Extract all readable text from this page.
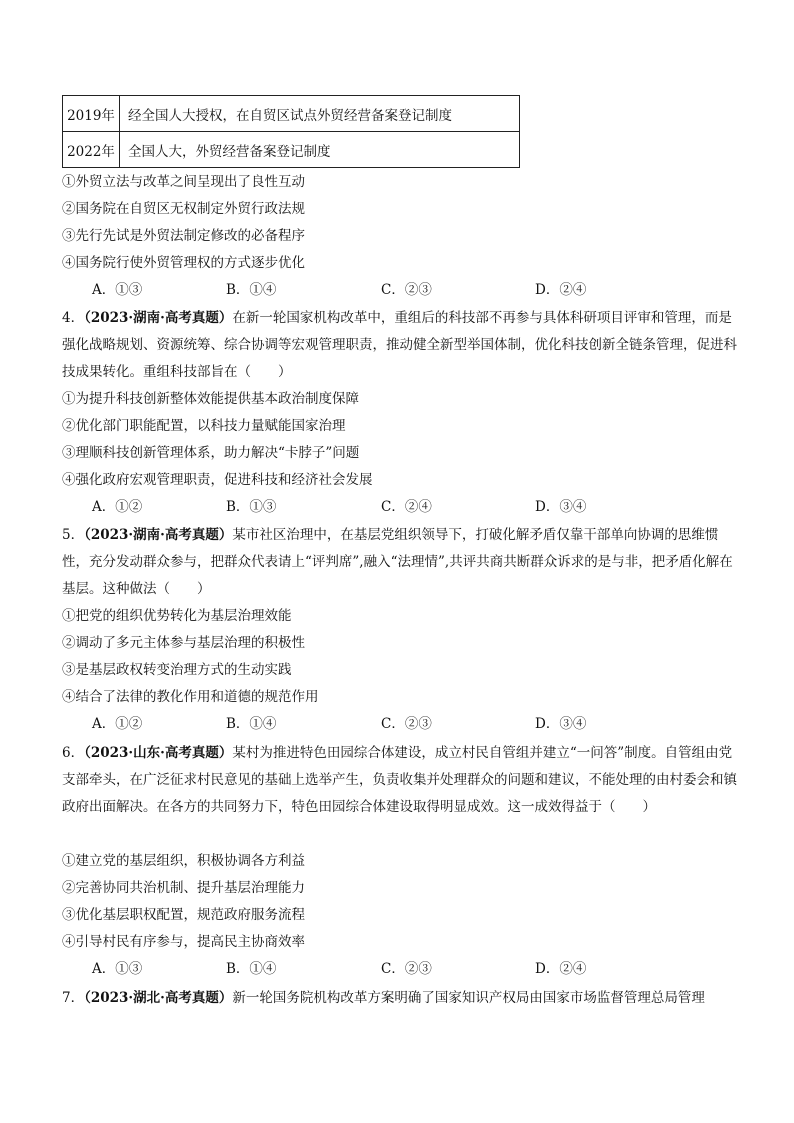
2019年	经全国人大授权，在自贸区试点外贸经营备案登记制度
2022年	全国人大，外贸经营备案登记制度
①外贸立法与改革之间呈现出了良性互动
②国务院在自贸区无权制定外贸行政法规
③先行先试是外贸法制定修改的必备程序
④国务院行使外贸管理权的方式逐步优化
A．①③	B．①④	C．②③	D．②④
4．（2023·湖南·高考真题）在新一轮国家机构改革中，重组后的科技部不再参与具体科研项目评审和管理，而是强化战略规划、资源统筹、综合协调等宏观管理职责，推动健全新型举国体制，优化科技创新全链条管理，促进科技成果转化。重组科技部旨在（　　）
①为提升科技创新整体效能提供基本政治制度保障
②优化部门职能配置，以科技力量赋能国家治理
③理顺科技创新管理体系，助力解决“卡脖子”问题
④强化政府宏观管理职责，促进科技和经济社会发展
A．①②	B．①③	C．②④	D．③④
5．（2023·湖南·高考真题）某市社区治理中，在基层党组织领导下，打破化解矛盾仅靠干部单向协调的思维惯性，充分发动群众参与，把群众代表请上“评判席”,融入“法理情”,共评共商共断群众诉求的是与非，把矛盾化解在基层。这种做法（　　）
①把党的组织优势转化为基层治理效能
②调动了多元主体参与基层治理的积极性
③是基层政权转变治理方式的生动实践
④结合了法律的教化作用和道德的规范作用
A．①②	B．①④	C．②③	D．③④
6．（2023·山东·高考真题）某村为推进特色田园综合体建设，成立村民自管组并建立“一问答”制度。自管组由党支部牵头，在广泛征求村民意见的基础上选举产生，负责收集并处理群众的问题和建议，不能处理的由村委会和镇政府出面解决。在各方的共同努力下，特色田园综合体建设取得明显成效。这一成效得益于（　　）
①建立党的基层组织，积极协调各方利益
②完善协同共治机制、提升基层治理能力
③优化基层职权配置，规范政府服务流程
④引导村民有序参与，提高民主协商效率
A．①③	B．①④	C．②③	D．②④
7．（2023·湖北·高考真题）新一轮国务院机构改革方案明确了国家知识产权局由国家市场监督管理总局管理
